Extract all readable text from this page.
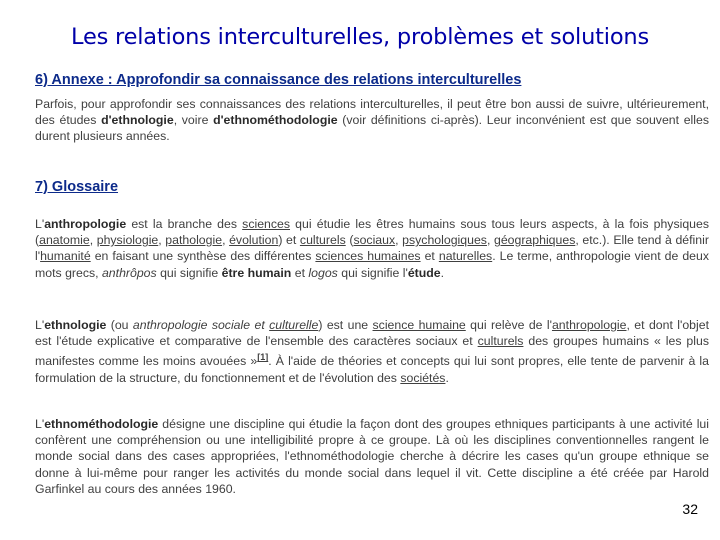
Les relations interculturelles, problèmes et solutions
6) Annexe : Approfondir sa connaissance des relations interculturelles

Parfois, pour approfondir ses connaissances des relations interculturelles, il peut être bon aussi de suivre, ultérieurement, des études d'ethnologie, voire d'ethnométhodologie (voir définitions ci-après). Leur inconvénient est que souvent elles durent plusieurs années.

7) Glossaire

L'anthropologie est la branche des sciences qui étudie les êtres humains sous tous leurs aspects, à la fois physiques (anatomie, physiologie, pathologie, évolution) et culturels (sociaux, psychologiques, géographiques, etc.). Elle tend à définir l'humanité en faisant une synthèse des différentes sciences humaines et naturelles. Le terme, anthropologie vient de deux mots grecs, anthrôpos qui signifie être humain et logos qui signifie l'étude.

L'ethnologie (ou anthropologie sociale et culturelle) est une science humaine qui relève de l'anthropologie, et dont l'objet est l'étude explicative et comparative de l'ensemble des caractères sociaux et culturels des groupes humains « les plus manifestes comme les moins avouées »[1]. À l'aide de théories et concepts qui lui sont propres, elle tente de parvenir à la formulation de la structure, du fonctionnement et de l'évolution des sociétés.

L'ethnométhodologie désigne une discipline qui étudie la façon dont des groupes ethniques participants à une activité lui confèrent une compréhension ou une intelligibilité propre à ce groupe. Là où les disciplines conventionnelles rangent le monde social dans des cases appropriées, l'ethnométhodologie cherche à décrire les cases qu'un groupe ethnique se donne à lui-même pour ranger les activités du monde social dans lequel il vit. Cette discipline a été créée par Harold Garfinkel au cours des années 1960.

32
